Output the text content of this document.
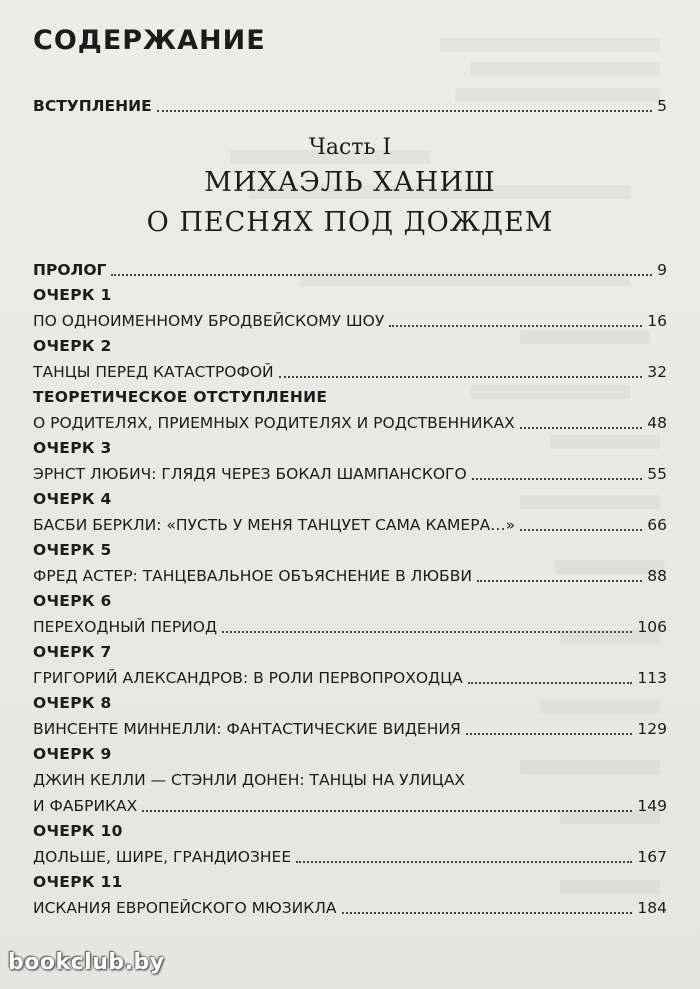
СОДЕРЖАНИЕ
ВСТУПЛЕНИЕ	5
Часть I
МИХАЭЛЬ ХАНИШ
О ПЕСНЯХ ПОД ДОЖДЕМ
ПРОЛОГ	9
ОЧЕРК 1
ПО ОДНОИМЕННОМУ БРОДВЕЙСКОМУ ШОУ	16
ОЧЕРК 2
ТАНЦЫ ПЕРЕД КАТАСТРОФОЙ	32
ТЕОРЕТИЧЕСКОЕ ОТСТУПЛЕНИЕ
О РОДИТЕЛЯХ, ПРИЕМНЫХ РОДИТЕЛЯХ И РОДСТВЕННИКАХ	48
ОЧЕРК 3
ЭРНСТ ЛЮБИЧ: ГЛЯДЯ ЧЕРЕЗ БОКАЛ ШАМПАНСКОГО	55
ОЧЕРК 4
БАСБИ БЕРКЛИ: «ПУСТЬ У МЕНЯ ТАНЦУЕТ САМА КАМЕРА…»	66
ОЧЕРК 5
ФРЕД АСТЕР: ТАНЦЕВАЛЬНОЕ ОБЪЯСНЕНИЕ В ЛЮБВИ	88
ОЧЕРК 6
ПЕРЕХОДНЫЙ ПЕРИОД	106
ОЧЕРК 7
ГРИГОРИЙ АЛЕКСАНДРОВ: В РОЛИ ПЕРВОПРОХОДЦА	113
ОЧЕРК 8
ВИНСЕНТЕ МИННЕЛЛИ: ФАНТАСТИЧЕСКИЕ ВИДЕНИЯ	129
ОЧЕРК 9
ДЖИН КЕЛЛИ — СТЭНЛИ ДОНЕН: ТАНЦЫ НА УЛИЦАХ
И ФАБРИКАХ	149
ОЧЕРК 10
ДОЛЬШЕ, ШИРЕ, ГРАНДИОЗНЕЕ	167
ОЧЕРК 11
ИСКАНИЯ ЕВРОПЕЙСКОГО МЮЗИКЛА	184
bookclub.by
